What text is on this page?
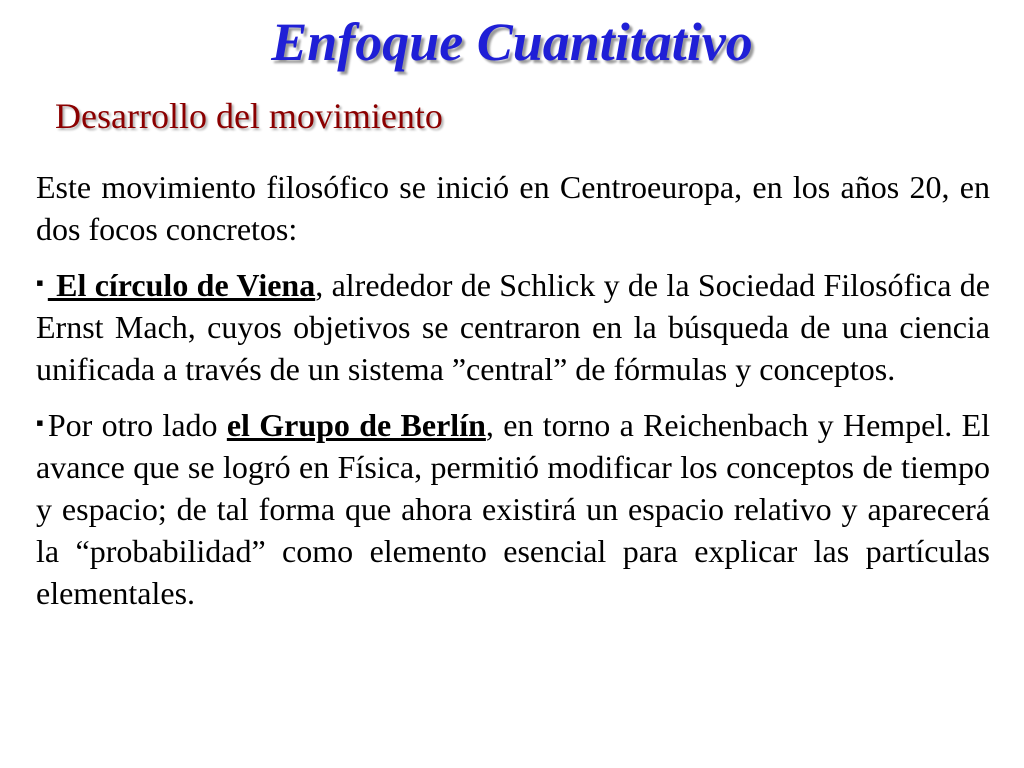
Enfoque Cuantitativo
Desarrollo del movimiento

Este movimiento filosófico se inició en Centroeuropa, en los años 20, en dos focos concretos:

▪ El círculo de Viena, alrededor de Schlick y de la Sociedad Filosófica de Ernst Mach, cuyos objetivos se centraron en la búsqueda de una ciencia unificada a través de un sistema ”central” de fórmulas y conceptos.

▪ Por otro lado el Grupo de Berlín, en torno a Reichenbach y Hempel. El avance que se logró en Física, permitió modificar los conceptos de tiempo y espacio; de tal forma que ahora existirá un espacio relativo y aparecerá la “probabilidad” como elemento esencial para explicar las partículas elementales.
